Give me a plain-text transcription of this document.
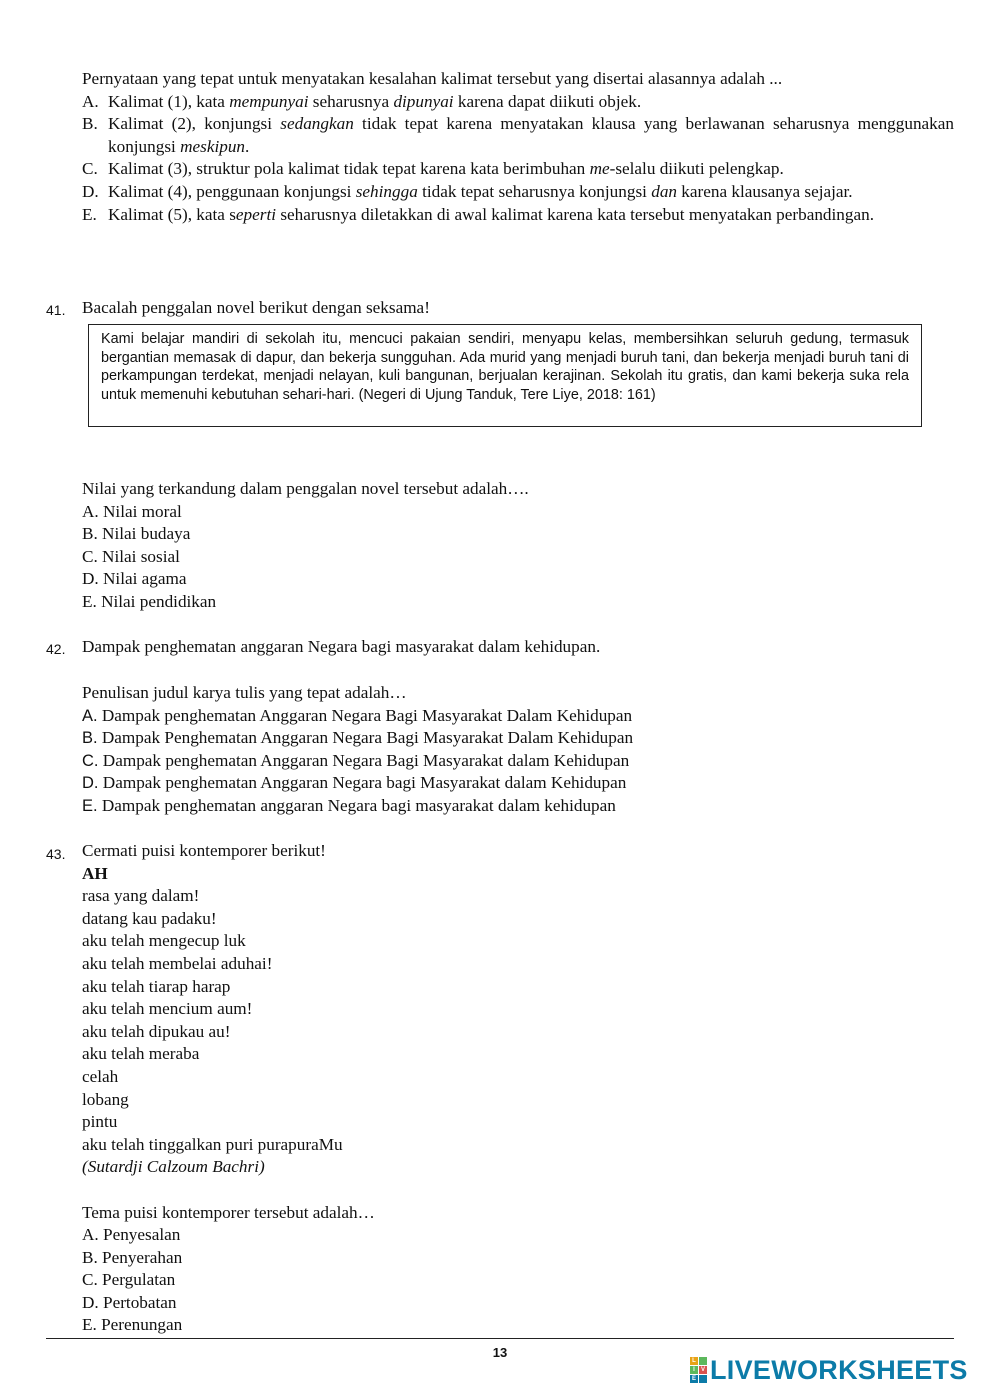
Pernyataan yang tepat untuk menyatakan kesalahan kalimat tersebut yang disertai alasannya adalah ...
A. Kalimat (1), kata mempunyai seharusnya dipunyai karena dapat diikuti objek.
B. Kalimat (2), konjungsi sedangkan tidak tepat karena menyatakan klausa yang berlawanan seharusnya menggunakan konjungsi meskipun.
C. Kalimat (3), struktur pola kalimat tidak tepat karena kata berimbuhan me-selalu diikuti pelengkap.
D. Kalimat (4), penggunaan konjungsi sehingga tidak tepat seharusnya konjungsi dan karena klausanya sejajar.
E. Kalimat (5), kata seperti seharusnya diletakkan di awal kalimat karena kata tersebut menyatakan perbandingan.
41. Bacalah penggalan novel berikut dengan seksama!
Kami belajar mandiri di sekolah itu, mencuci pakaian sendiri, menyapu kelas, membersihkan seluruh gedung, termasuk bergantian memasak di dapur, dan bekerja sungguhan. Ada murid yang menjadi buruh tani, dan bekerja menjadi buruh tani di perkampungan terdekat, menjadi nelayan, kuli bangunan, berjualan kerajinan. Sekolah itu gratis, dan kami bekerja suka rela untuk memenuhi kebutuhan sehari-hari. (Negeri di Ujung Tanduk, Tere Liye, 2018: 161)
Nilai yang terkandung dalam penggalan novel tersebut adalah….
A. Nilai moral
B. Nilai budaya
C. Nilai sosial
D. Nilai agama
E. Nilai pendidikan
42. Dampak penghematan anggaran Negara bagi masyarakat dalam kehidupan.
Penulisan judul karya tulis yang tepat adalah…
A. Dampak penghematan Anggaran Negara Bagi Masyarakat Dalam Kehidupan
B. Dampak Penghematan Anggaran Negara Bagi Masyarakat Dalam Kehidupan
C. Dampak penghematan Anggaran Negara Bagi Masyarakat dalam Kehidupan
D. Dampak penghematan Anggaran Negara bagi Masyarakat dalam Kehidupan
E. Dampak penghematan anggaran Negara bagi masyarakat dalam kehidupan
43. Cermati puisi kontemporer berikut!
AH
rasa yang dalam!
datang kau padaku!
aku telah mengecup luk
aku telah membelai aduhai!
aku telah tiarap harap
aku telah mencium aum!
aku telah dipukau au!
aku telah meraba
celah
lobang
pintu
aku telah tinggalkan puri purapuraMu
(Sutardji Calzoum Bachri)
Tema puisi kontemporer tersebut adalah…
A. Penyesalan
B. Penyerahan
C. Pergulatan
D. Pertobatan
E. Perenungan
13
L
I	V
E LIVEWORKSHEETS
